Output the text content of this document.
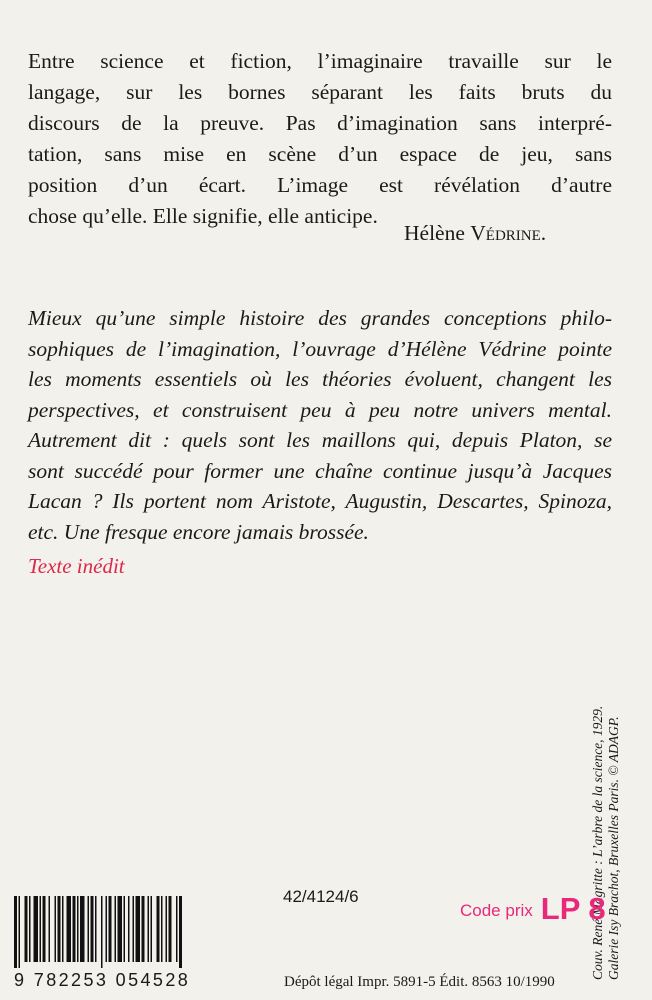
Entre science et fiction, l’imaginaire travaille sur le
langage, sur les bornes séparant les faits bruts du
discours de la preuve. Pas d’imagination sans interpré-
tation, sans mise en scène d’un espace de jeu, sans
position d’un écart. L’image est révélation d’autre
chose qu’elle. Elle signifie, elle anticipe.
Hélène Védrine.
Mieux qu’une simple histoire des grandes conceptions philo-
sophiques de l’imagination, l’ouvrage d’Hélène Védrine pointe
les moments essentiels où les théories évoluent, changent les
perspectives, et construisent peu à peu notre univers mental.
Autrement dit : quels sont les maillons qui, depuis Platon, se
sont succédé pour former une chaîne continue jusqu’à Jacques
Lacan ? Ils portent nom Aristote, Augustin, Descartes, Spinoza,
etc. Une fresque encore jamais brossée.
Texte inédit
Couv. René Magritte : L’arbre de la science, 1929. Galerie Isy Brachot, Bruxelles Paris. © ADAGP.
42/4124/6
Code prix LP 8
9 782253 054528	Dépôt légal Impr. 5891-5 Édit. 8563 10/1990
